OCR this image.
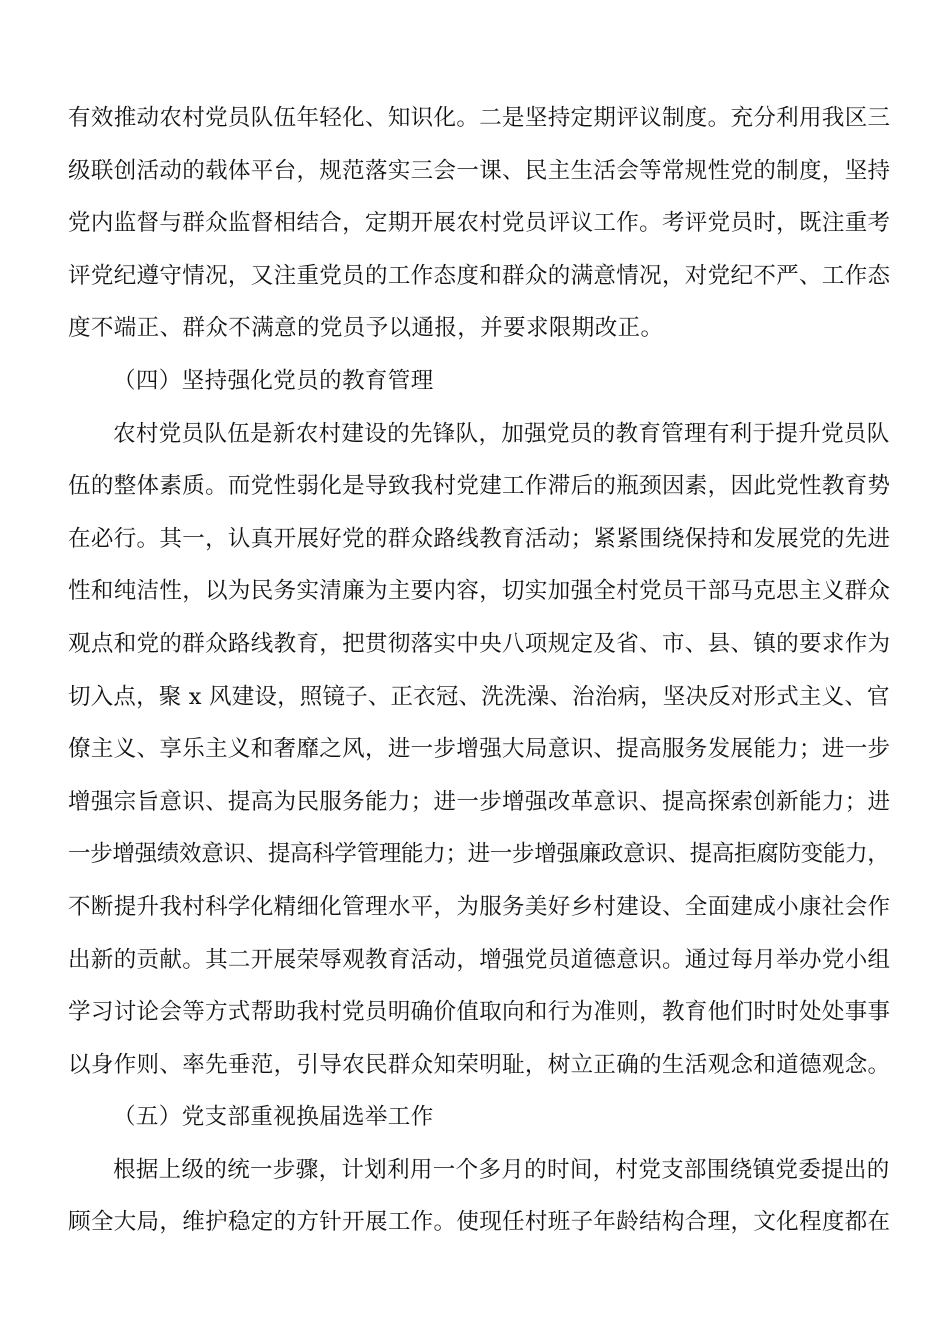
有效推动农村党员队伍年轻化、知识化。二是坚持定期评议制度。充分利用我区三
级联创活动的载体平台，规范落实三会一课、民主生活会等常规性党的制度，坚持
党内监督与群众监督相结合，定期开展农村党员评议工作。考评党员时，既注重考
评党纪遵守情况，又注重党员的工作态度和群众的满意情况，对党纪不严、工作态
度不端正、群众不满意的党员予以通报，并要求限期改正。
（四）坚持强化党员的教育管理
农村党员队伍是新农村建设的先锋队，加强党员的教育管理有利于提升党员队
伍的整体素质。而党性弱化是导致我村党建工作滞后的瓶颈因素，因此党性教育势
在必行。其一，认真开展好党的群众路线教育活动；紧紧围绕保持和发展党的先进
性和纯洁性，以为民务实清廉为主要内容，切实加强全村党员干部马克思主义群众
观点和党的群众路线教育，把贯彻落实中央八项规定及省、市、县、镇的要求作为
切入点，聚 x 风建设，照镜子、正衣冠、洗洗澡、治治病，坚决反对形式主义、官
僚主义、享乐主义和奢靡之风，进一步增强大局意识、提高服务发展能力；进一步
增强宗旨意识、提高为民服务能力；进一步增强改革意识、提高探索创新能力；进
一步增强绩效意识、提高科学管理能力；进一步增强廉政意识、提高拒腐防变能力，
不断提升我村科学化精细化管理水平，为服务美好乡村建设、全面建成小康社会作
出新的贡献。其二开展荣辱观教育活动，增强党员道德意识。通过每月举办党小组
学习讨论会等方式帮助我村党员明确价值取向和行为准则，教育他们时时处处事事
以身作则、率先垂范，引导农民群众知荣明耻，树立正确的生活观念和道德观念。
（五）党支部重视换届选举工作
根据上级的统一步骤，计划利用一个多月的时间，村党支部围绕镇党委提出的
顾全大局，维护稳定的方针开展工作。使现任村班子年龄结构合理，文化程度都在
